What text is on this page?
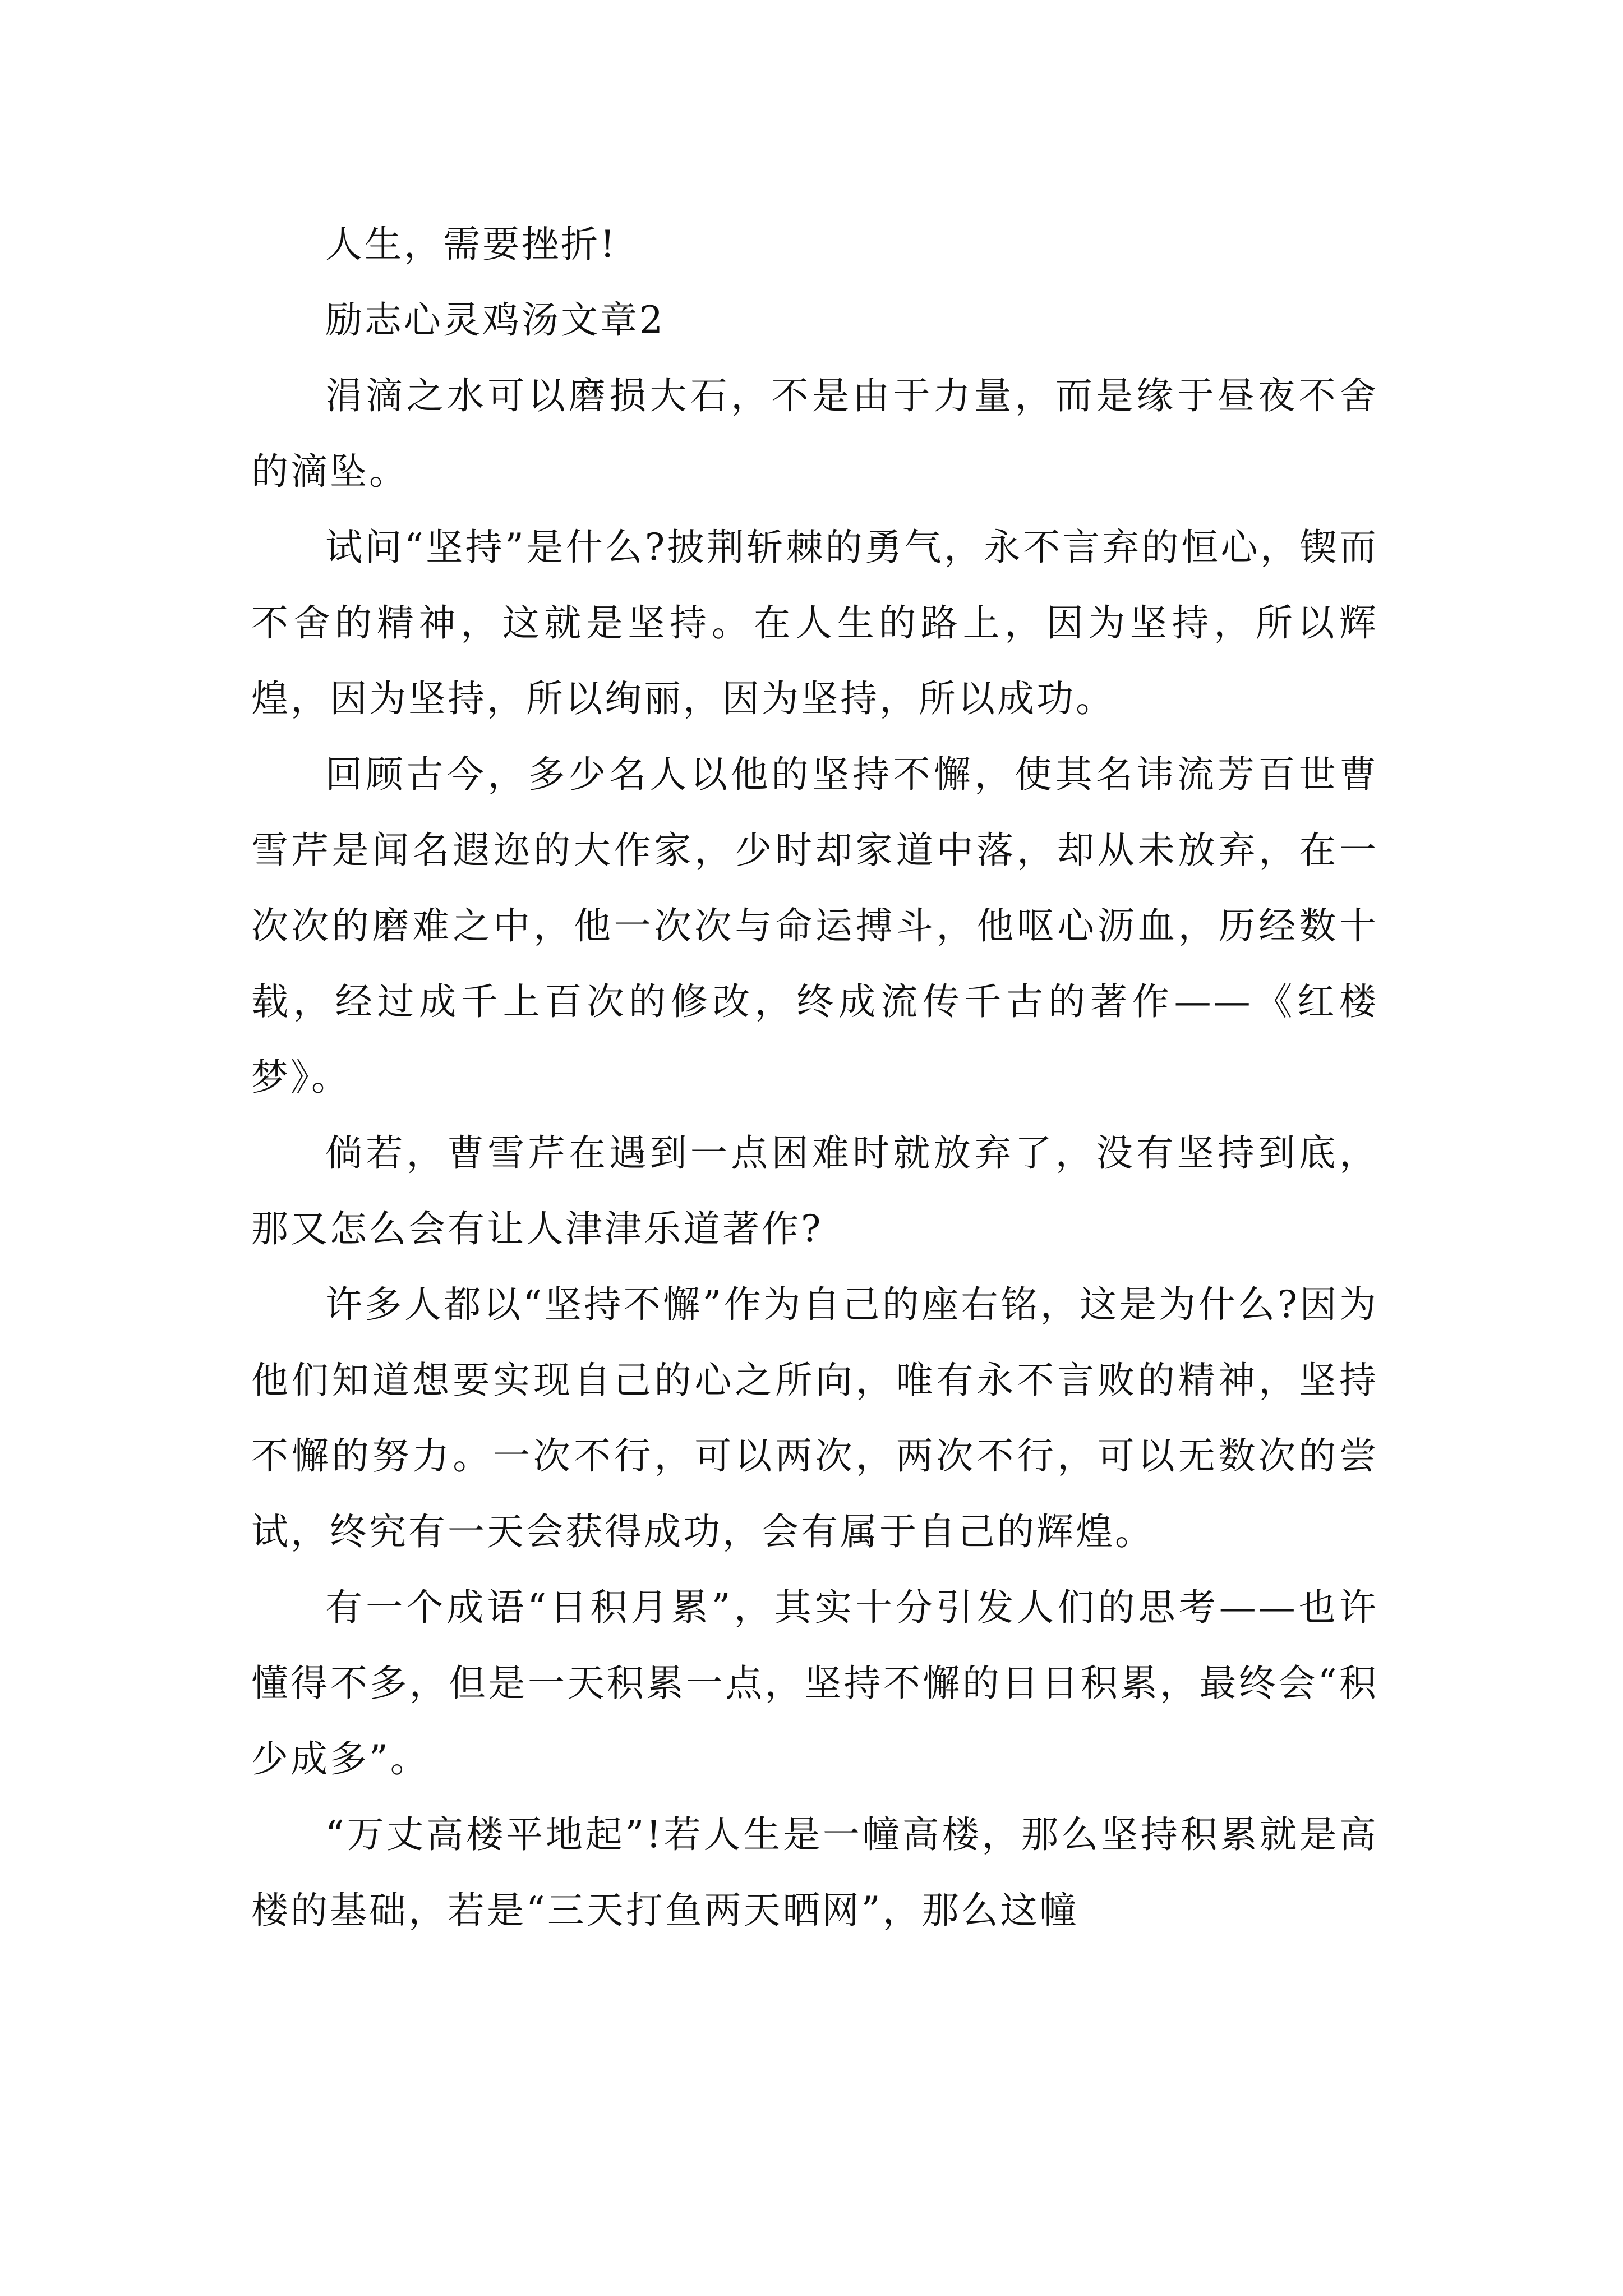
人生，需要挫折!

励志心灵鸡汤文章2

涓滴之水可以磨损大石，不是由于力量，而是缘于昼夜不舍的滴坠。

试问“坚持”是什么?披荆斩棘的勇气，永不言弃的恒心，锲而不舍的精神，这就是坚持。在人生的路上，因为坚持，所以辉煌，因为坚持，所以绚丽，因为坚持，所以成功。

回顾古今，多少名人以他的坚持不懈，使其名讳流芳百世曹雪芹是闻名遐迩的大作家，少时却家道中落，却从未放弃，在一次次的磨难之中，他一次次与命运搏斗，他呕心沥血，历经数十载，经过成千上百次的修改，终成流传千古的著作——《红楼梦》。

倘若，曹雪芹在遇到一点困难时就放弃了，没有坚持到底，那又怎么会有让人津津乐道著作?

许多人都以“坚持不懈”作为自己的座右铭，这是为什么?因为他们知道想要实现自己的心之所向，唯有永不言败的精神，坚持不懈的努力。一次不行，可以两次，两次不行，可以无数次的尝试，终究有一天会获得成功，会有属于自己的辉煌。

有一个成语“日积月累”，其实十分引发人们的思考——也许懂得不多，但是一天积累一点，坚持不懈的日日积累，最终会“积少成多”。

“万丈高楼平地起”!若人生是一幢高楼，那么坚持积累就是高楼的基础，若是“三天打鱼两天晒网”，那么这幢
